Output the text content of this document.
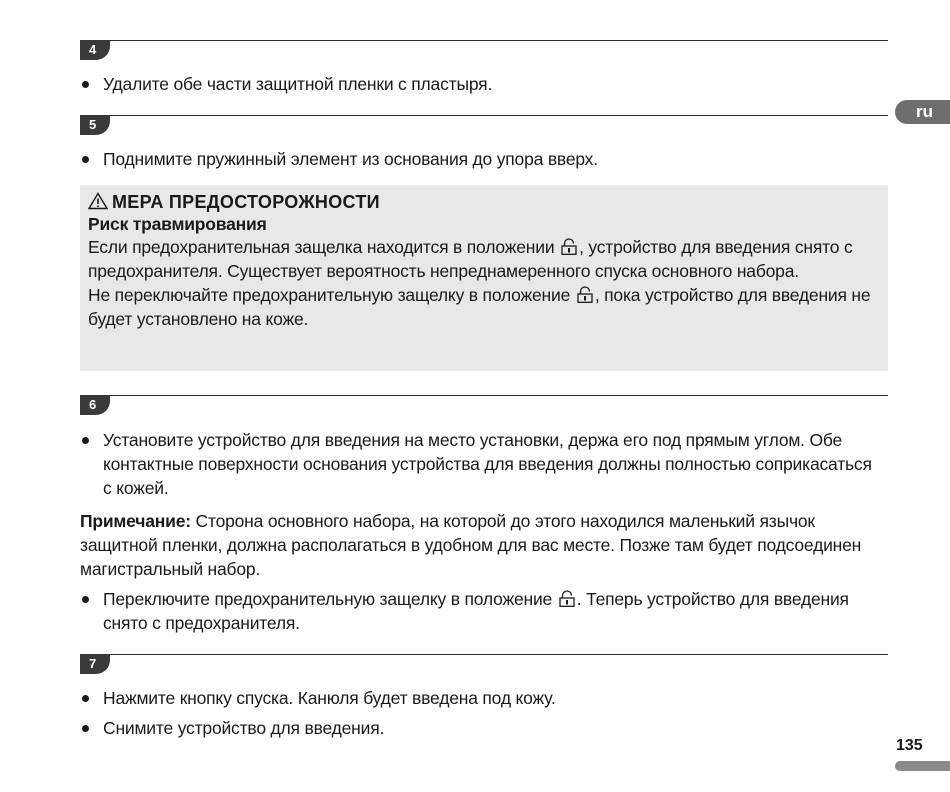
ru
4
Удалите обе части защитной пленки с пластыря.
5
Поднимите пружинный элемент из основания до упора вверх.
МЕРА ПРЕДОСТОРОЖНОСТИ
Риск травмирования
Если предохранительная защелка находится в положении , устройство для введения снято с предохранителя. Существует вероятность непреднамеренного спуска основного набора.
Не переключайте предохранительную защелку в положение , пока устройство для введения не будет установлено на коже.
6
Установите устройство для введения на место установки, держа его под прямым углом. Обе контактные поверхности основания устройства для введения должны полностью соприкасаться с кожей.
Примечание: Сторона основного набора, на которой до этого находился маленький язычок защитной пленки, должна располагаться в удобном для вас месте. Позже там будет подсоединен магистральный набор.
Переключите предохранительную защелку в положение . Теперь устройство для введения снято с предохранителя.
7
Нажмите кнопку спуска. Канюля будет введена под кожу.
Снимите устройство для введения.
135
